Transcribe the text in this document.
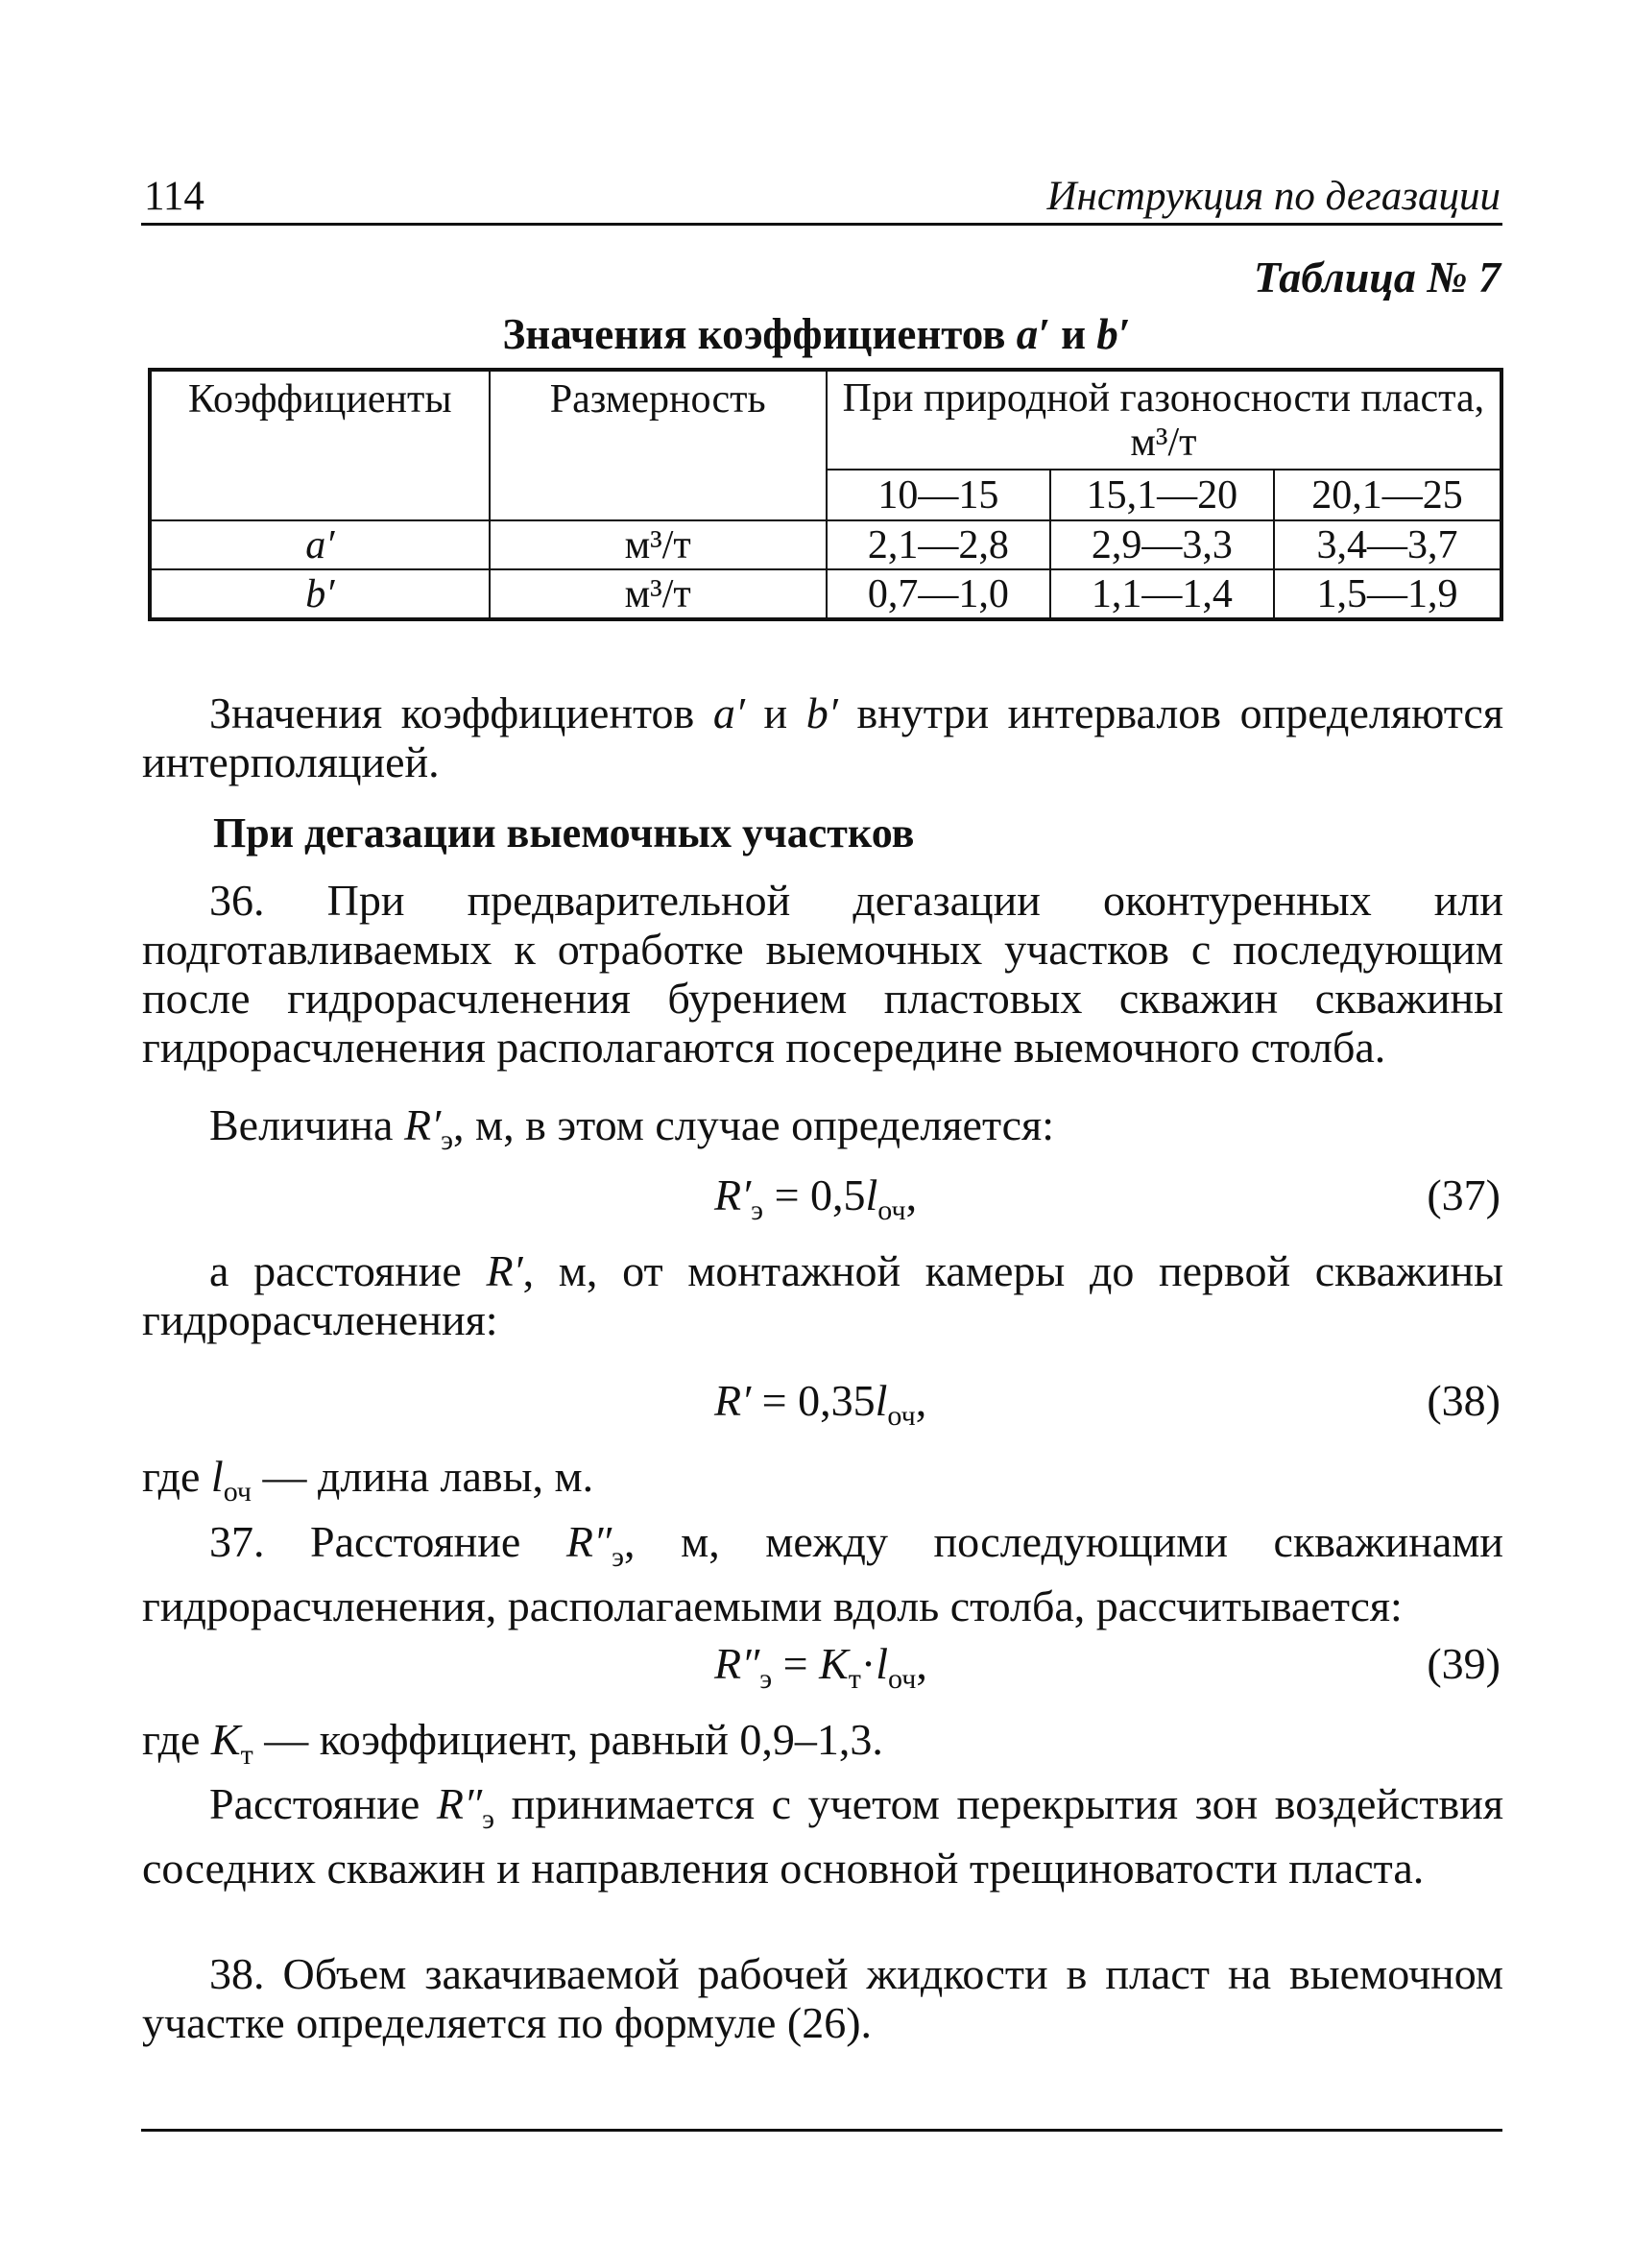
114	Инструкция по дегазации
Таблица № 7
Значения коэффициентов a′ и b′
Коэффициенты	Размерность	При природной газоносности пласта, м³/т		
		10—15	15,1—20	20,1—25
a′	м³/т	2,1—2,8	2,9—3,3	3,4—3,7
b′	м³/т	0,7—1,0	1,1—1,4	1,5—1,9
Значения коэффициентов a′ и b′ внутри интервалов определяются интерполяцией.
При дегазации выемочных участков
36. При предварительной дегазации оконтуренных или подготавливаемых к отработке выемочных участков с последующим после гидрорасчленения бурением пластовых скважин скважины гидрорасчленения располагаются посередине выемочного столба.
Величина $R'_э$, м, в этом случае определяется:
$R'_э = 0,5l_{оч}$,	(37)
а расстояние R′, м, от монтажной камеры до первой скважины гидрорасчленения:
$R' = 0,35l_{оч}$,	(38)
где $l_{оч}$ — длина лавы, м.
37. Расстояние $R''_э$, м, между последующими скважинами гидрорасчленения, располагаемыми вдоль столба, рассчитывается:
$R''_э = K_т\cdot l_{оч}$,	(39)
где $K_т$ — коэффициент, равный 0,9–1,3.
Расстояние $R''_э$ принимается с учетом перекрытия зон воздействия соседних скважин и направления основной трещиноватости пласта.
38. Объем закачиваемой рабочей жидкости в пласт на выемочном участке определяется по формуле (26).
